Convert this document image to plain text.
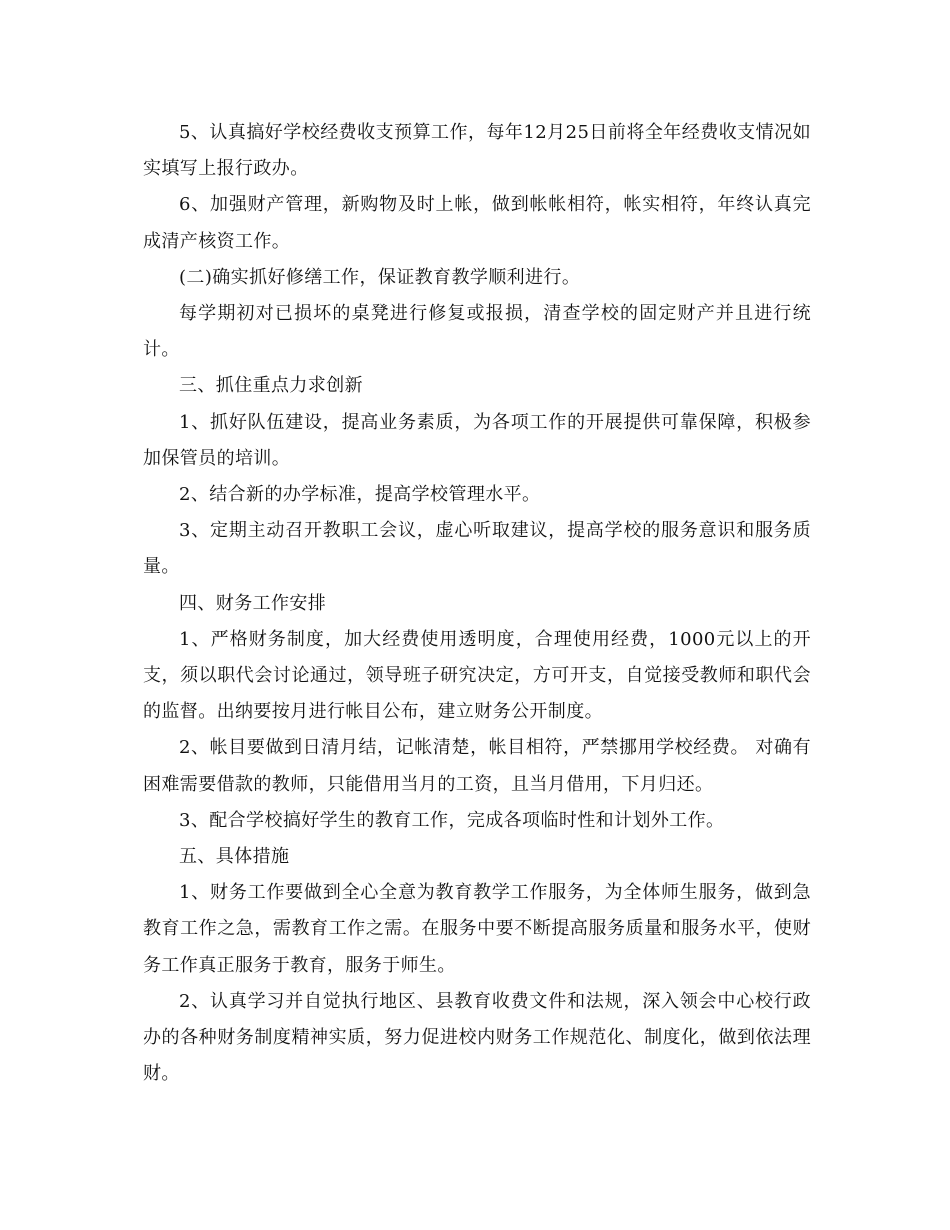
5、认真搞好学校经费收支预算工作，每年12月25日前将全年经费收支情况如实填写上报行政办。

6、加强财产管理，新购物及时上帐，做到帐帐相符，帐实相符，年终认真完成清产核资工作。

(二)确实抓好修缮工作，保证教育教学顺利进行。

每学期初对已损坏的桌凳进行修复或报损，清查学校的固定财产并且进行统计。

三、抓住重点力求创新

1、抓好队伍建设，提高业务素质，为各项工作的开展提供可靠保障，积极参加保管员的培训。

2、结合新的办学标准，提高学校管理水平。

3、定期主动召开教职工会议，虚心听取建议，提高学校的服务意识和服务质量。

四、财务工作安排

1、严格财务制度，加大经费使用透明度，合理使用经费，1000元以上的开支，须以职代会讨论通过，领导班子研究决定，方可开支，自觉接受教师和职代会的监督。出纳要按月进行帐目公布，建立财务公开制度。

2、帐目要做到日清月结，记帐清楚，帐目相符，严禁挪用学校经费。 对确有困难需要借款的教师，只能借用当月的工资，且当月借用，下月归还。

3、配合学校搞好学生的教育工作，完成各项临时性和计划外工作。

五、具体措施

1、财务工作要做到全心全意为教育教学工作服务，为全体师生服务，做到急教育工作之急，需教育工作之需。在服务中要不断提高服务质量和服务水平，使财务工作真正服务于教育，服务于师生。

2、认真学习并自觉执行地区、县教育收费文件和法规，深入领会中心校行政办的各种财务制度精神实质，努力促进校内财务工作规范化、制度化，做到依法理财。
